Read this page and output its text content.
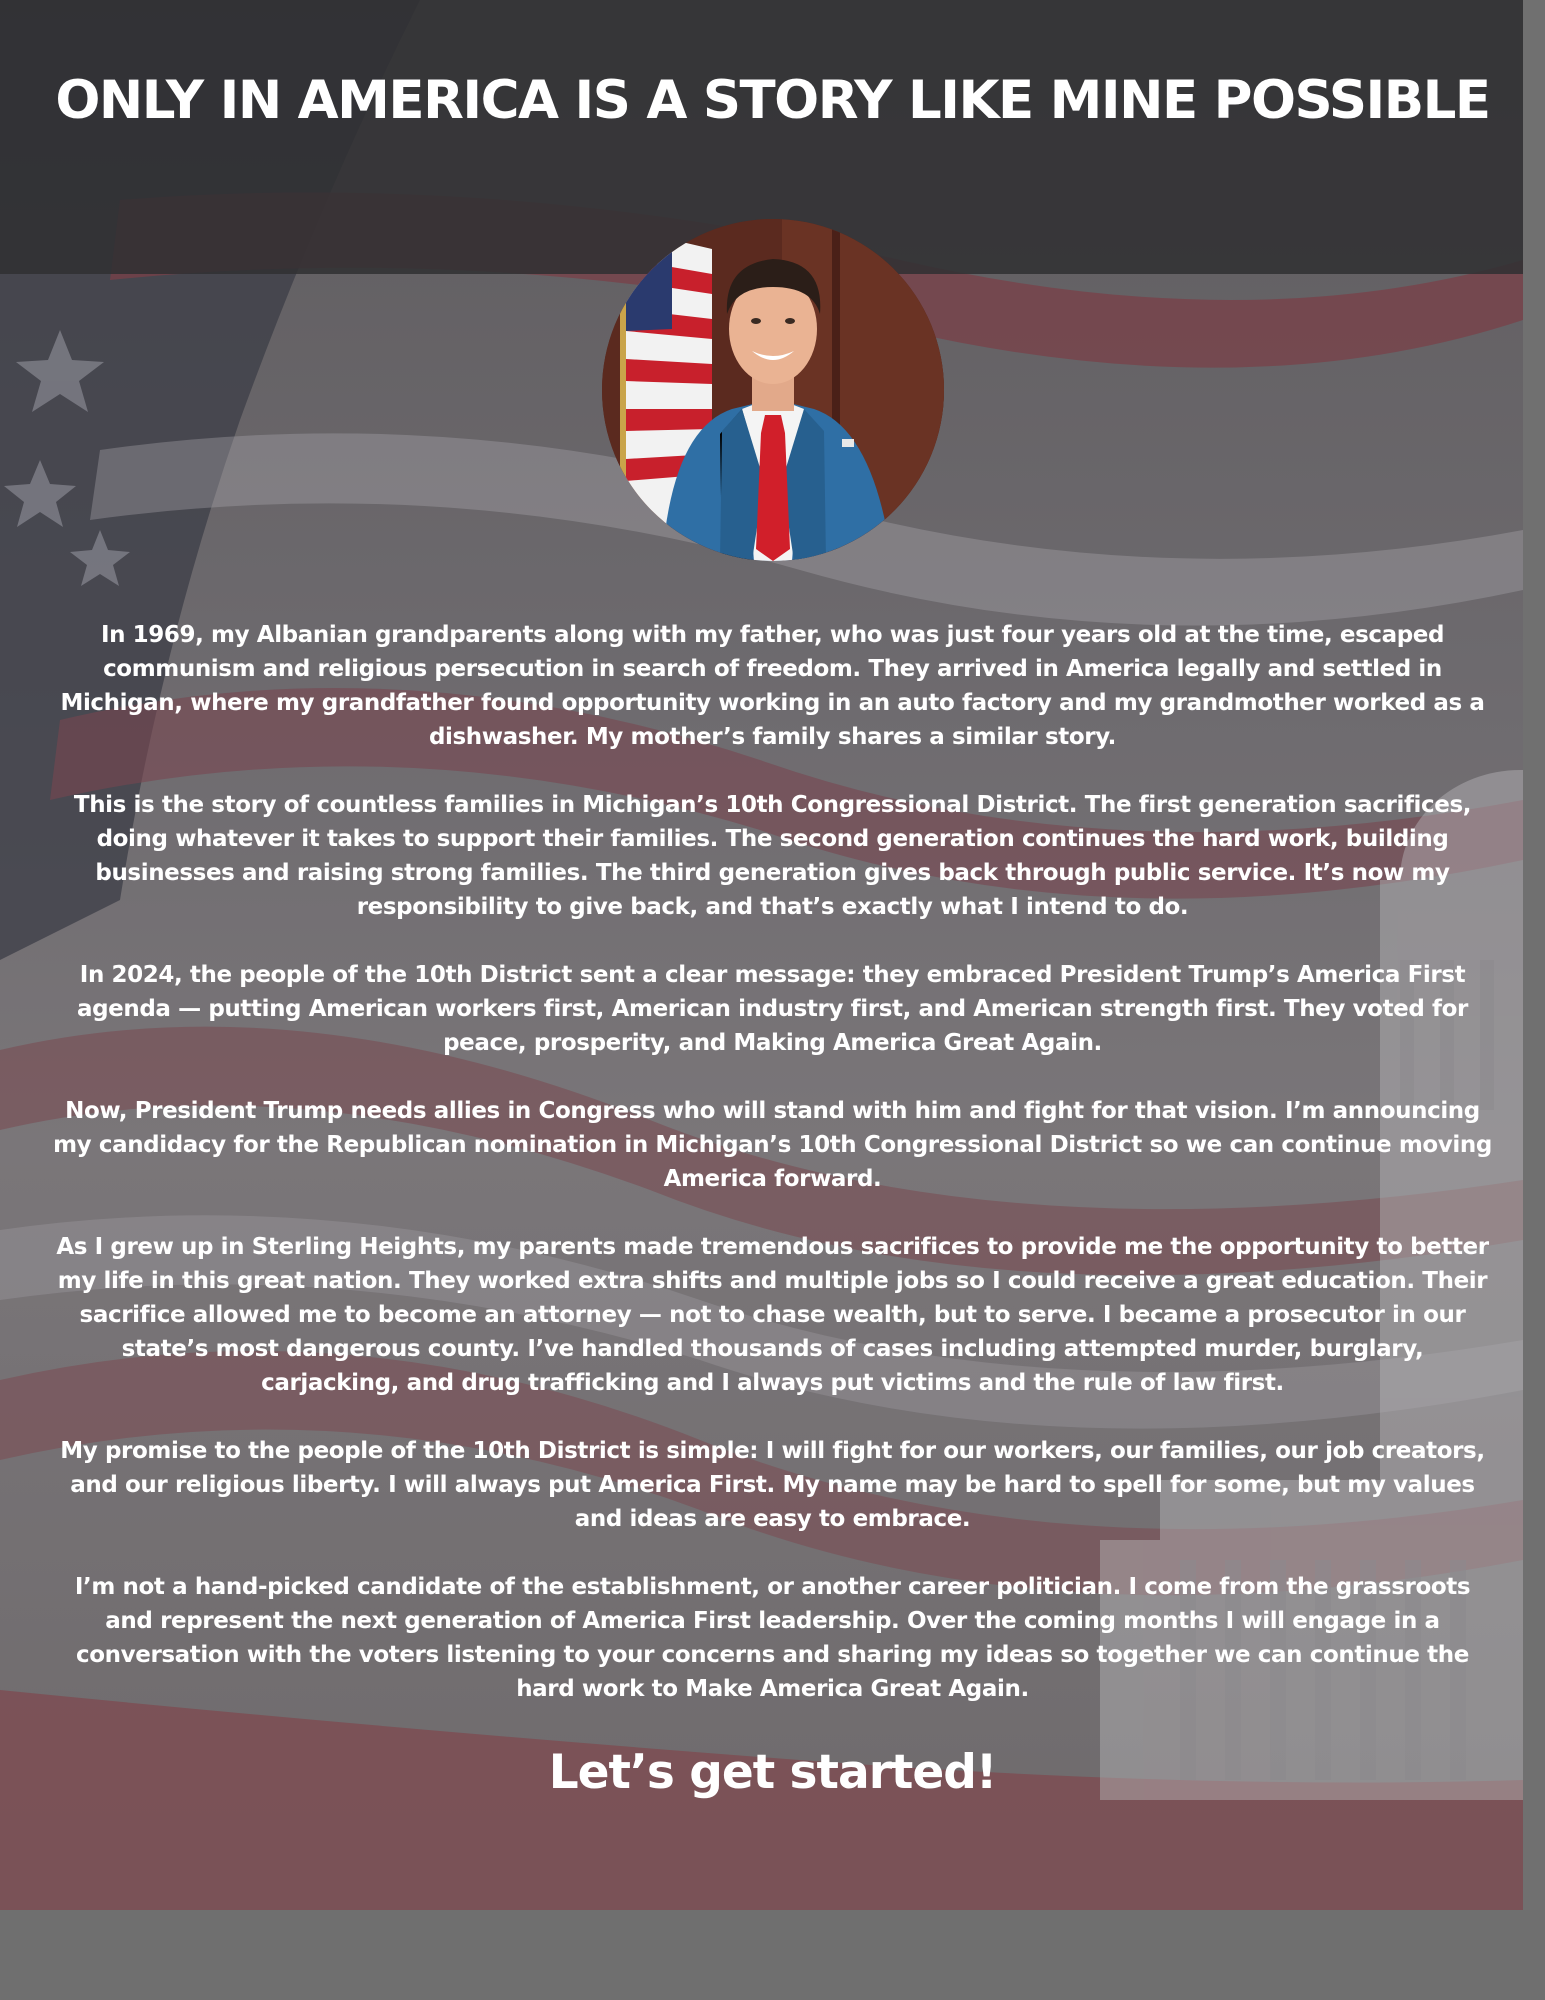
ONLY IN AMERICA IS A STORY LIKE MINE POSSIBLE

In 1969, my Albanian grandparents along with my father, who was just four years old at the time, escaped communism and religious persecution in search of freedom. They arrived in America legally and settled in Michigan, where my grandfather found opportunity working in an auto factory and my grandmother worked as a dishwasher. My mother’s family shares a similar story.

This is the story of countless families in Michigan’s 10th Congressional District. The first generation sacrifices, doing whatever it takes to support their families. The second generation continues the hard work, building businesses and raising strong families. The third generation gives back through public service. It’s now my responsibility to give back, and that’s exactly what I intend to do.

In 2024, the people of the 10th District sent a clear message: they embraced President Trump’s America First agenda — putting American workers first, American industry first, and American strength first. They voted for peace, prosperity, and Making America Great Again.

Now, President Trump needs allies in Congress who will stand with him and fight for that vision. I’m announcing my candidacy for the Republican nomination in Michigan’s 10th Congressional District so we can continue moving America forward.

As I grew up in Sterling Heights, my parents made tremendous sacrifices to provide me the opportunity to better my life in this great nation. They worked extra shifts and multiple jobs so I could receive a great education. Their sacrifice allowed me to become an attorney — not to chase wealth, but to serve. I became a prosecutor in our state’s most dangerous county. I’ve handled thousands of cases including attempted murder, burglary, carjacking, and drug trafficking and I always put victims and the rule of law first.

My promise to the people of the 10th District is simple: I will fight for our workers, our families, our job creators, and our religious liberty. I will always put America First. My name may be hard to spell for some, but my values and ideas are easy to embrace.

I’m not a hand-picked candidate of the establishment, or another career politician. I come from the grassroots and represent the next generation of America First leadership. Over the coming months I will engage in a conversation with the voters listening to your concerns and sharing my ideas so together we can continue the hard work to Make America Great Again.

Let’s get started!
